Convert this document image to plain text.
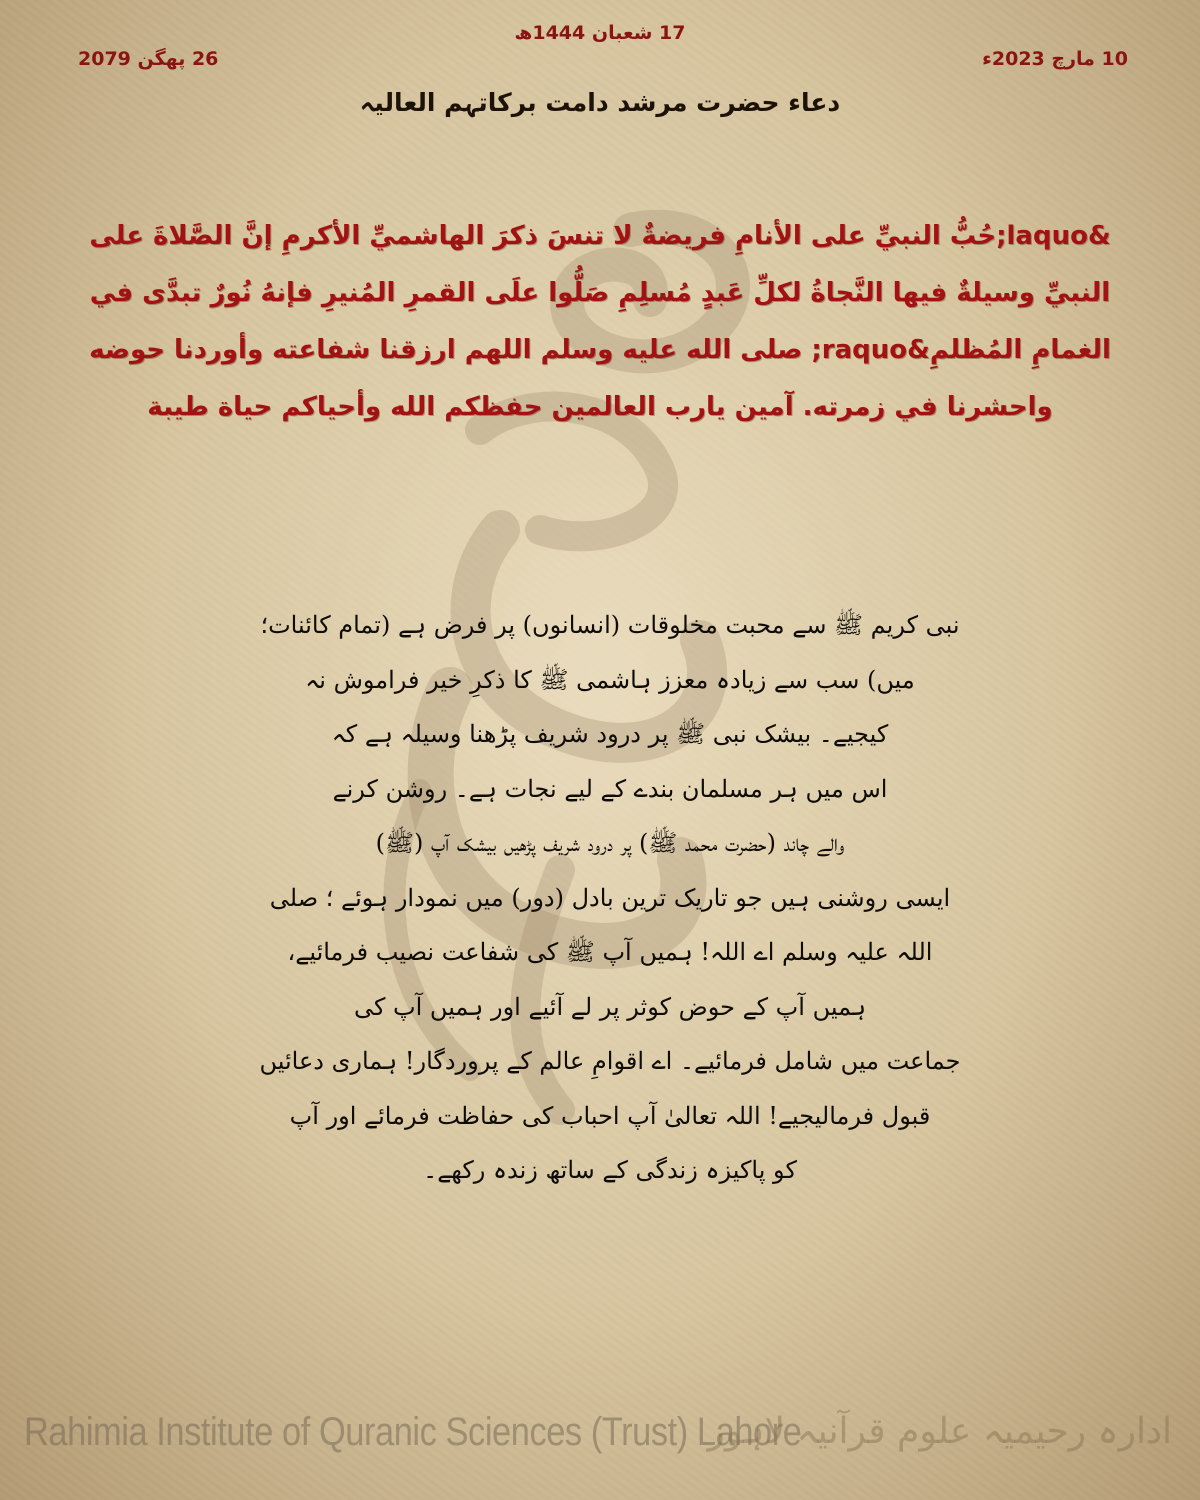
10 مارچ 2023ء
17 شعبان 1444ھ
26 پھگن 2079
دعاء حضرت مرشد دامت برکاتہم العالیہ
&laquo;حُبُّ النبيِّ على الأنامِ فريضةٌ لا تنسَ ذكرَ الهاشميِّ الأكرمِ إنَّ الصَّلاةَ على النبيِّ وسيلةٌ فيها النَّجاةُ لكلِّ عَبدٍ مُسلِمِ صَلُّوا علَى القمرِ المُنيرِ فإنهُ نُورٌ تبدَّى في الغمامِ المُظلمِ&raquo; صلى الله عليه وسلم اللهم ارزقنا شفاعته وأوردنا حوضه واحشرنا في زمرته. آمين يارب العالمين حفظكم الله وأحياكم حياة طيبة
نبی کریم ﷺ سے محبت مخلوقات (انسانوں) پر فرض ہے (تمام کائنات؛
میں) سب سے زیادہ معزز ہاشمی ﷺ کا ذکرِ خیر فراموش نہ
کیجیے۔ بیشک نبی ﷺ پر درود شریف پڑھنا وسیلہ ہے کہ
اس میں ہر مسلمان بندے کے لیے نجات ہے۔ روشن کرنے
والے چاند (حضرت محمد ﷺ) پر درود شریف پڑھیں بیشک آپ (ﷺ)
ایسی روشنی ہیں جو تاریک ترین بادل (دور) میں نمودار ہوئے ؛ صلی
اللہ علیہ وسلم اے اللہ! ہمیں آپ ﷺ کی شفاعت نصیب فرمائیے،
ہمیں آپ کے حوض کوثر پر لے آئیے اور ہمیں آپ کی
جماعت میں شامل فرمائیے۔ اے اقوامِ عالم کے پروردگار! ہماری دعائیں
قبول فرمالیجیے! اللہ تعالیٰ آپ احباب کی حفاظت فرمائے اور آپ
کو پاکیزہ زندگی کے ساتھ زندہ رکھے۔
Rahimia Institute of Quranic Sciences (Trust) Lahore
ادارہ رحیمیہ علوم قرآنیہ لاہور
